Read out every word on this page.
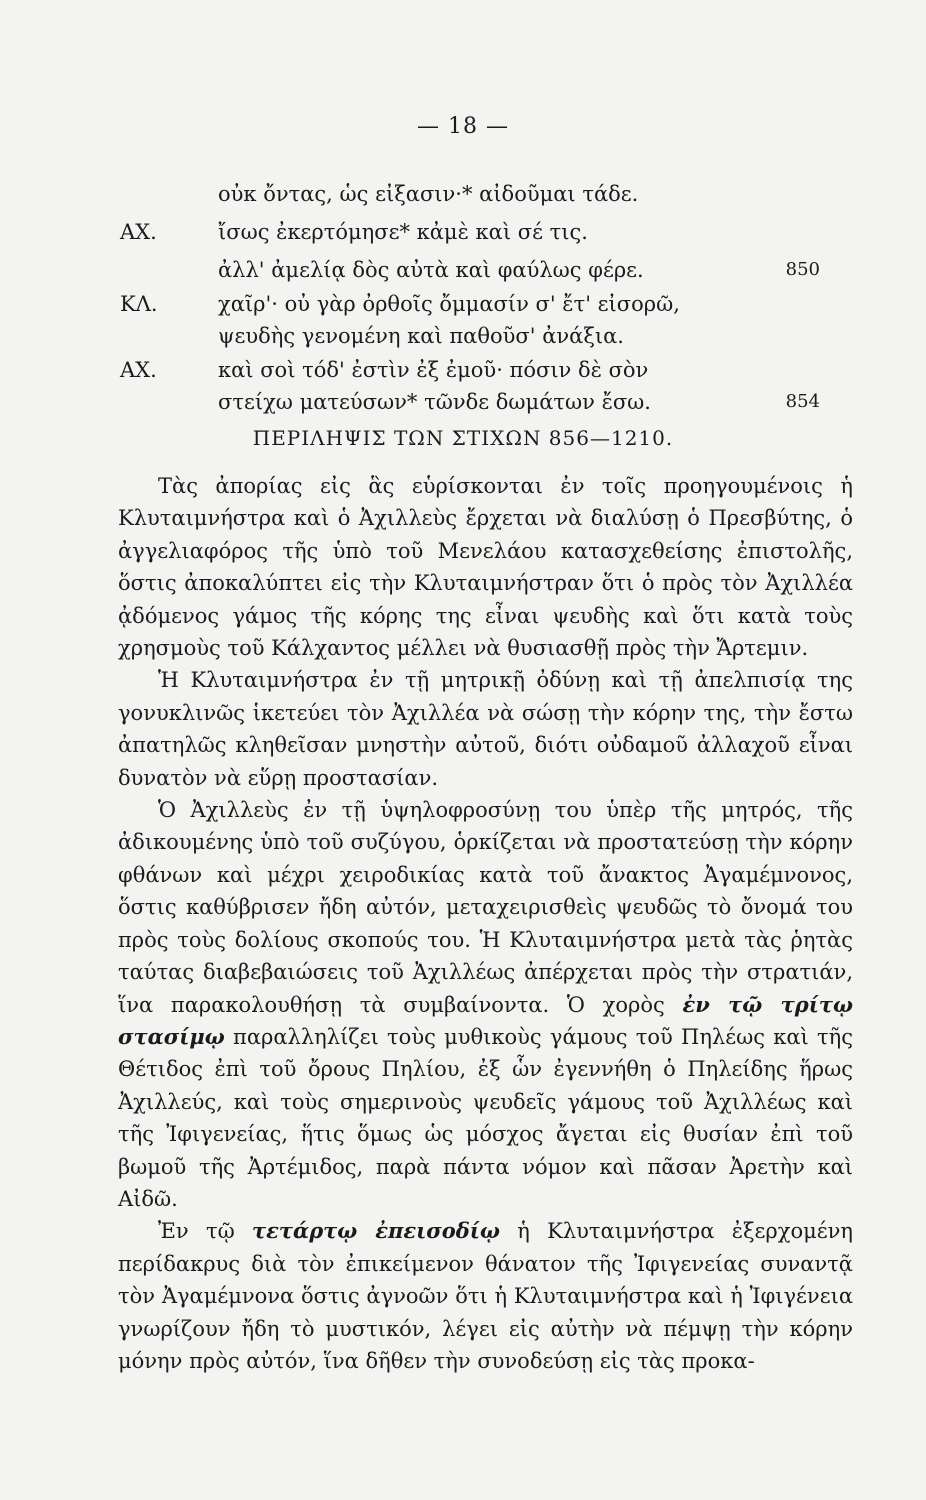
— 18 —
οὐκ ὄντας, ὡς εἰξασιν·* αἰδοῦμαι τάδε.
ΑΧ.	ἴσως ἐκερτόμησε* κἀμὲ καὶ σέ τις.
ἀλλ' ἀμελίᾳ δὸς αὐτὰ καὶ φαύλως φέρε.	850
ΚΛ.	χαῖρ'· οὐ γὰρ ὀρθοῖς ὄμμασίν σ' ἔτ' εἰσορῶ,
ψευδὴς γενομένη καὶ παθοῦσ' ἀνάξια.
ΑΧ.	καὶ σοὶ τόδ' ἐστὶν ἐξ ἐμοῦ· πόσιν δὲ σὸν
στείχω ματεύσων* τῶνδε δωμάτων ἔσω.	854
ΠΕΡΙΛΗΨΙΣ ΤΩΝ ΣΤΙΧΩΝ 856—1210.

Τὰς ἀπορίας εἰς ἃς εὑρίσκονται ἐν τοῖς προηγουμένοις ἡ Κλυταιμνήστρα καὶ ὁ Ἀχιλλεὺς ἔρχεται νὰ διαλύσῃ ὁ Πρεσβύτης, ὁ ἀγγελιαφόρος τῆς ὑπὸ τοῦ Μενελάου κατασχεθείσης ἐπιστολῆς, ὅστις ἀποκαλύπτει εἰς τὴν Κλυταιμνήστραν ὅτι ὁ πρὸς τὸν Ἀχιλλέα ᾀδόμενος γάμος τῆς κόρης της εἶναι ψευδὴς καὶ ὅτι κατὰ τοὺς χρησμοὺς τοῦ Κάλχαντος μέλλει νὰ θυσιασθῇ πρὸς τὴν Ἄρτεμιν.

Ἡ Κλυταιμνήστρα ἐν τῇ μητρικῇ ὀδύνῃ καὶ τῇ ἀπελπισίᾳ της γονυκλινῶς ἱκετεύει τὸν Ἀχιλλέα νὰ σώσῃ τὴν κόρην της, τὴν ἔστω ἀπατηλῶς κληθεῖσαν μνηστὴν αὐτοῦ, διότι οὐδαμοῦ ἀλλαχοῦ εἶναι δυνατὸν νὰ εὕρῃ προστασίαν.

Ὁ Ἀχιλλεὺς ἐν τῇ ὑψηλοφροσύνῃ του ὑπὲρ τῆς μητρός, τῆς ἀδικουμένης ὑπὸ τοῦ συζύγου, ὁρκίζεται νὰ προστατεύσῃ τὴν κόρην φθάνων καὶ μέχρι χειροδικίας κατὰ τοῦ ἄνακτος Ἀγαμέμνονος, ὅστις καθύβρισεν ἤδη αὐτόν, μεταχειρισθεὶς ψευδῶς τὸ ὄνομά του πρὸς τοὺς δολίους σκοπούς του. Ἡ Κλυταιμνήστρα μετὰ τὰς ῥητὰς ταύτας διαβεβαιώσεις τοῦ Ἀχιλλέως ἀπέρχεται πρὸς τὴν στρατιάν, ἵνα παρακολουθήσῃ τὰ συμβαίνοντα. Ὁ χορὸς ἐν τῷ τρίτῳ στασίμῳ παραλληλίζει τοὺς μυθικοὺς γάμους τοῦ Πηλέως καὶ τῆς Θέτιδος ἐπὶ τοῦ ὄρους Πηλίου, ἐξ ὧν ἐγεννήθη ὁ Πηλείδης ἥρως Ἀχιλλεύς, καὶ τοὺς σημερινοὺς ψευδεῖς γάμους τοῦ Ἀχιλλέως καὶ τῆς Ἰφιγενείας, ἥτις ὅμως ὡς μόσχος ἄγεται εἰς θυσίαν ἐπὶ τοῦ βωμοῦ τῆς Ἀρτέμιδος, παρὰ πάντα νόμον καὶ πᾶσαν Ἀρετὴν καὶ Αἰδῶ.

Ἐν τῷ τετάρτῳ ἐπεισοδίῳ ἡ Κλυταιμνήστρα ἐξερχομένη περίδακρυς διὰ τὸν ἐπικείμενον θάνατον τῆς Ἰφιγενείας συναντᾷ τὸν Ἀγαμέμνονα ὅστις ἀγνοῶν ὅτι ἡ Κλυταιμνήστρα καὶ ἡ Ἰφιγένεια γνωρίζουν ἤδη τὸ μυστικόν, λέγει εἰς αὐτὴν νὰ πέμψῃ τὴν κόρην μόνην πρὸς αὐτόν, ἵνα δῆθεν τὴν συνοδεύσῃ εἰς τὰς προκα-
